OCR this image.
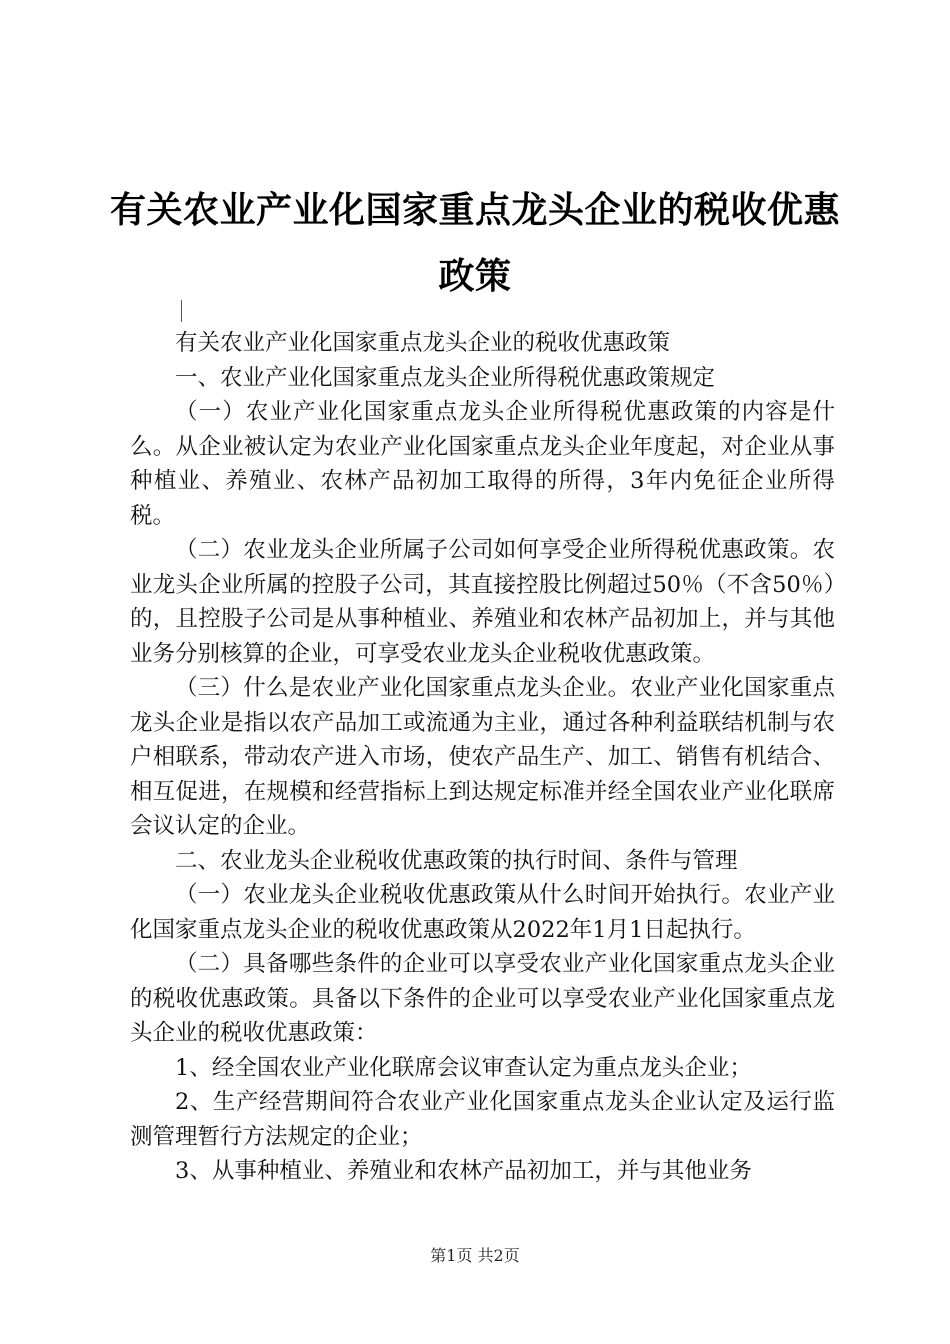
有关农业产业化国家重点龙头企业的税收优惠政策

有关农业产业化国家重点龙头企业的税收优惠政策

一、农业产业化国家重点龙头企业所得税优惠政策规定

（一）农业产业化国家重点龙头企业所得税优惠政策的内容是什么。从企业被认定为农业产业化国家重点龙头企业年度起，对企业从事种植业、养殖业、农林产品初加工取得的所得，3年内免征企业所得税。

（二）农业龙头企业所属子公司如何享受企业所得税优惠政策。农业龙头企业所属的控股子公司，其直接控股比例超过50％（不含50％）的，且控股子公司是从事种植业、养殖业和农林产品初加上，并与其他业务分别核算的企业，可享受农业龙头企业税收优惠政策。

（三）什么是农业产业化国家重点龙头企业。农业产业化国家重点龙头企业是指以农产品加工或流通为主业，通过各种利益联结机制与农户相联系，带动农产进入市场，使农产品生产、加工、销售有机结合、相互促进，在规模和经营指标上到达规定标准并经全国农业产业化联席会议认定的企业。

二、农业龙头企业税收优惠政策的执行时间、条件与管理

（一）农业龙头企业税收优惠政策从什么时间开始执行。农业产业化国家重点龙头企业的税收优惠政策从2022年1月1日起执行。

（二）具备哪些条件的企业可以享受农业产业化国家重点龙头企业的税收优惠政策。具备以下条件的企业可以享受农业产业化国家重点龙头企业的税收优惠政策：

1、经全国农业产业化联席会议审查认定为重点龙头企业；

2、生产经营期间符合农业产业化国家重点龙头企业认定及运行监测管理暂行方法规定的企业；

3、从事种植业、养殖业和农林产品初加工，并与其他业务

第1页 共2页
